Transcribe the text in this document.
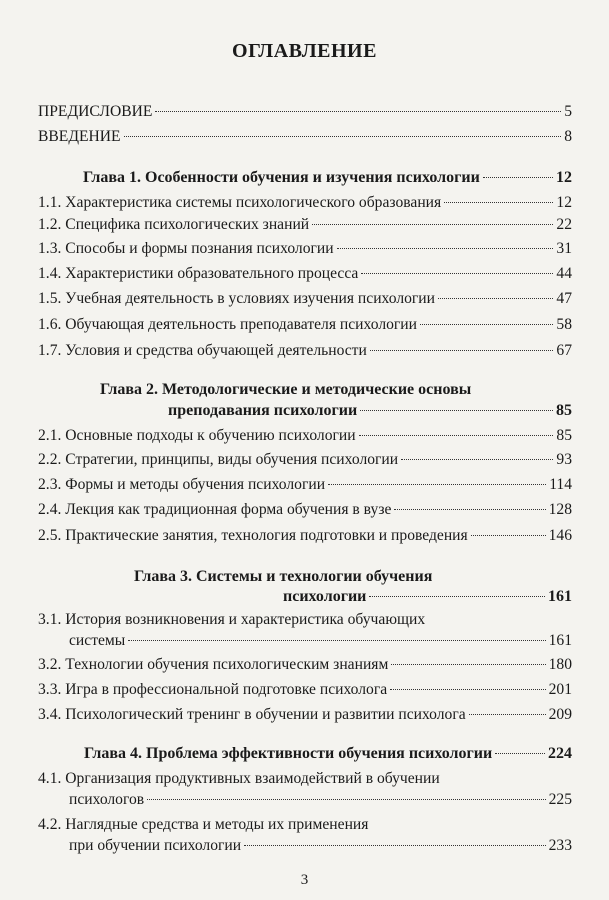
ОГЛАВЛЕНИЕ
ПРЕДИСЛОВИЕ	5
ВВЕДЕНИЕ	8
Глава 1. Особенности обучения и изучения психологии	12
1.1. Характеристика системы психологического образования	12
1.2. Специфика психологических знаний	22
1.3. Способы и формы познания психологии	31
1.4. Характеристики образовательного процесса	44
1.5. Учебная деятельность в условиях изучения психологии	47
1.6. Обучающая деятельность преподавателя психологии	58
1.7. Условия и средства обучающей деятельности	67
Глава 2. Методологические и методические основы
преподавания психологии	85
2.1. Основные подходы к обучению психологии	85
2.2. Стратегии, принципы, виды обучения психологии	93
2.3. Формы и методы обучения психологии	114
2.4. Лекция как традиционная форма обучения в вузе	128
2.5. Практические занятия, технология подготовки и проведения	146
Глава 3. Системы и технологии обучения
психологии	161
3.1. История возникновения и характеристика обучающих
системы	161
3.2. Технологии обучения психологическим знаниям	180
3.3. Игра в профессиональной подготовке психолога	201
3.4. Психологический тренинг в обучении и развитии психолога	209
Глава 4. Проблема эффективности обучения психологии	224
4.1. Организация продуктивных взаимодействий в обучении
психологов	225
4.2. Наглядные средства и методы их применения
при обучении психологии	233
3
